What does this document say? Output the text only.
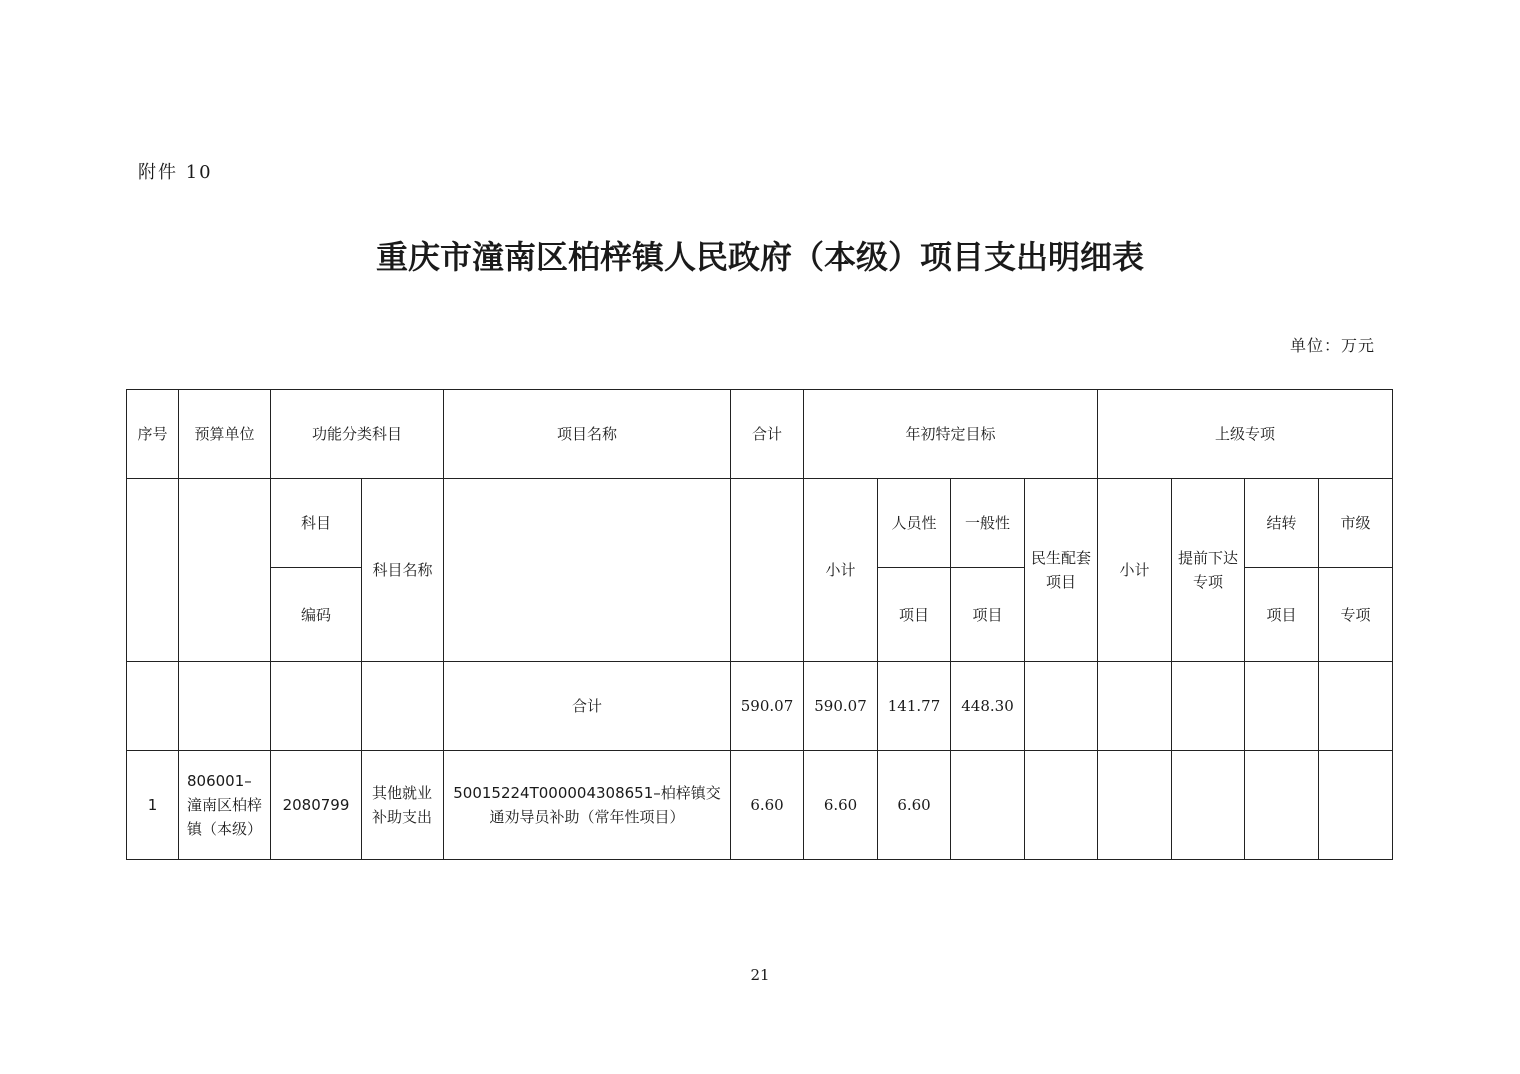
附件 10
重庆市潼南区柏梓镇人民政府（本级）项目支出明细表
单位：万元
序号	预算单位	功能分类科目		项目名称	合计	年初特定目标				上级专项			
		科目	科目名称			小计	人员性	一般性	民生配套项目	小计	提前下达专项	结转	市级
		编码					项目	项目				项目	专项
				合计	590.07	590.07	141.77	448.30					
1	806001–潼南区柏梓镇（本级）	2080799	其他就业补助支出	50015224T000004308651–柏梓镇交通劝导员补助（常年性项目）	6.60	6.60	6.60						
21
